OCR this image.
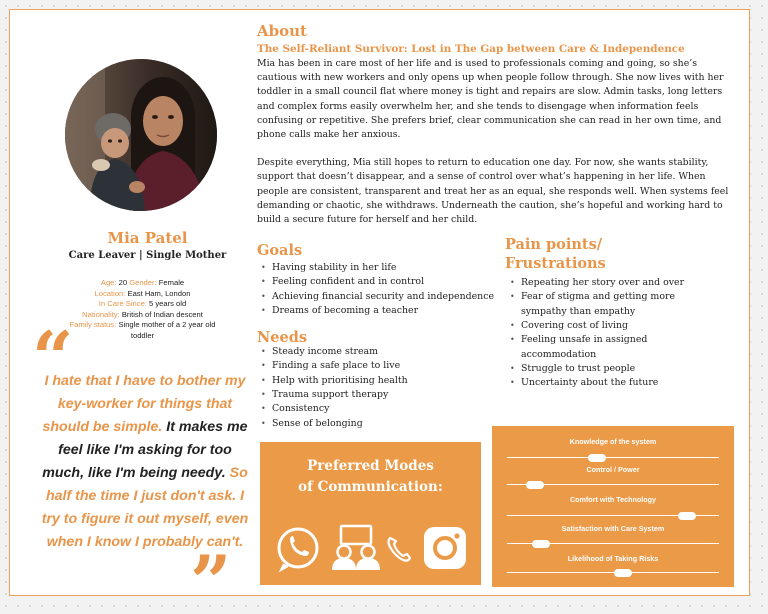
Mia Patel
Care Leaver | Single Mother
Age: 20 Gender: Female
Location: East Ham, London
In Care Since: 5 years old
Nationality: British of Indian descent
Family status: Single mother of a 2 year old toddler
“
I hate that I have to bother my key-worker for things that should be simple. It makes me feel like I'm asking for too much, like I'm being needy. So half the time I just don't ask. I try to figure it out myself, even when I know I probably can't.
”
About
The Self-Reliant Survivor: Lost in The Gap between Care & Independence

Mia has been in care most of her life and is used to professionals coming and going, so she’s cautious with new workers and only opens up when people follow through. She now lives with her toddler in a small council flat where money is tight and repairs are slow. Admin tasks, long letters and complex forms easily overwhelm her, and she tends to disengage when information feels confusing or repetitive. She prefers brief, clear communication she can read in her own time, and phone calls make her anxious.

Despite everything, Mia still hopes to return to education one day. For now, she wants stability, support that doesn’t disappear, and a sense of control over what’s happening in her life. When people are consistent, transparent and treat her as an equal, she responds well. When systems feel demanding or chaotic, she withdraws. Underneath the caution, she’s hopeful and working hard to build a secure future for herself and her child.

Goals
• Having stability in her life
• Feeling confident and in control
• Achieving financial security and independence
• Dreams of becoming a teacher
Needs
• Steady income stream
• Finding a safe place to live
• Help with prioritising health
• Trauma support therapy
• Consistency
• Sense of belonging
Pain points/
Frustrations
• Repeating her story over and over
• Fear of stigma and getting more sympathy than empathy
• Covering cost of living
• Feeling unsafe in assigned accommodation
• Struggle to trust people
• Uncertainty about the future
Preferred Modes
of Communication:
Knowledge of the system
Control / Power
Comfort with Technology
Satisfaction with Care System
Likelihood of Taking Risks
